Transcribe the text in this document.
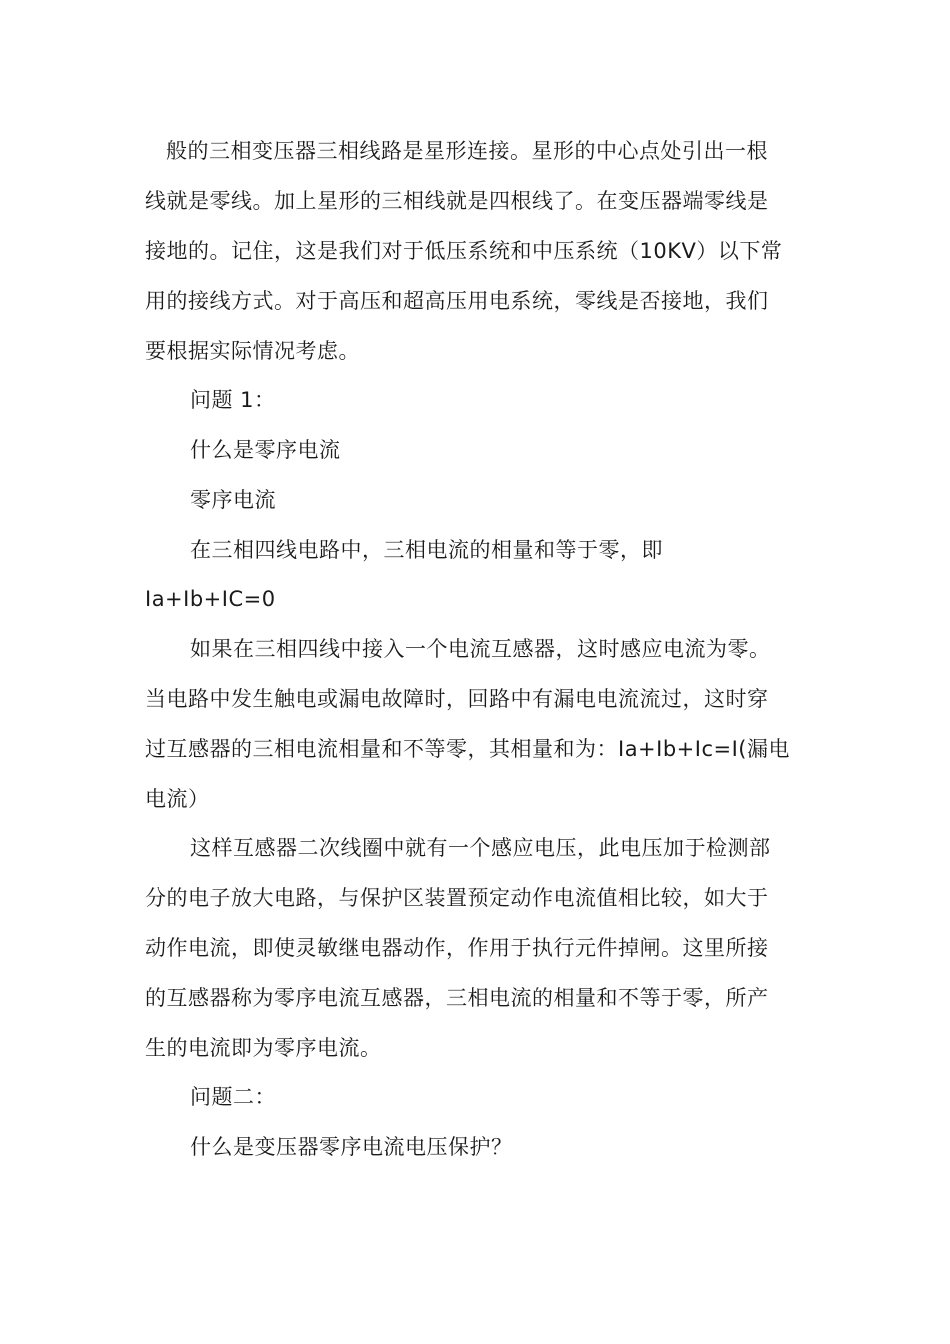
般的三相变压器三相线路是星形连接。星形的中心点处引出一根
线就是零线。加上星形的三相线就是四根线了。在变压器端零线是
接地的。记住，这是我们对于低压系统和中压系统（10KV）以下常
用的接线方式。对于高压和超高压用电系统，零线是否接地，我们
要根据实际情况考虑。
问题 1：
什么是零序电流
零序电流
在三相四线电路中，三相电流的相量和等于零，即
Ia+Ib+IC=0
如果在三相四线中接入一个电流互感器，这时感应电流为零。
当电路中发生触电或漏电故障时，回路中有漏电电流流过，这时穿
过互感器的三相电流相量和不等零，其相量和为：Ia+Ib+Ic=I(漏电
电流）
这样互感器二次线圈中就有一个感应电压，此电压加于检测部
分的电子放大电路，与保护区装置预定动作电流值相比较，如大于
动作电流，即使灵敏继电器动作，作用于执行元件掉闸。这里所接
的互感器称为零序电流互感器，三相电流的相量和不等于零，所产
生的电流即为零序电流。
问题二：
什么是变压器零序电流电压保护？
